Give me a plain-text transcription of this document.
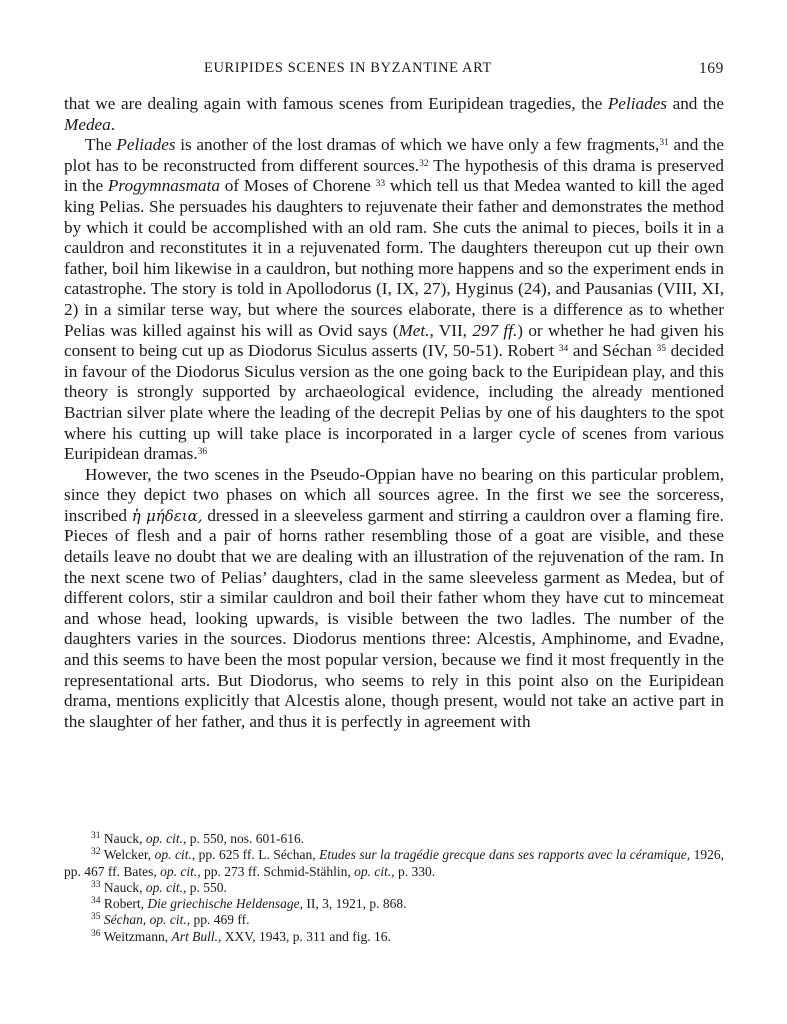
EURIPIDES SCENES IN BYZANTINE ART	169

that we are dealing again with famous scenes from Euripidean tragedies, the Peliades and the Medea.

The Peliades is another of the lost dramas of which we have only a few fragments,$^{31}$ and the plot has to be reconstructed from different sources.$^{32}$ The hypothesis of this drama is preserved in the Progymnasmata of Moses of Chorene $^{33}$ which tell us that Medea wanted to kill the aged king Pelias. She persuades his daughters to rejuvenate their father and demonstrates the method by which it could be accomplished with an old ram. She cuts the animal to pieces, boils it in a cauldron and reconstitutes it in a rejuvenated form. The daughters thereupon cut up their own father, boil him likewise in a cauldron, but nothing more happens and so the experiment ends in catastrophe. The story is told in Apollodorus (I, IX, 27), Hyginus (24), and Pausanias (VIII, XI, 2) in a similar terse way, but where the sources elaborate, there is a difference as to whether Pelias was killed against his will as Ovid says (Met., VII, 297 ff.) or whether he had given his consent to being cut up as Diodorus Siculus asserts (IV, 50-51). Robert $^{34}$ and Séchan $^{35}$ decided in favour of the Diodorus Siculus version as the one going back to the Euripidean play, and this theory is strongly supported by archaeological evidence, including the already mentioned Bactrian silver plate where the leading of the decrepit Pelias by one of his daughters to the spot where his cutting up will take place is incorporated in a larger cycle of scenes from various Euripidean dramas.$^{36}$

However, the two scenes in the Pseudo-Oppian have no bearing on this particular problem, since they depict two phases on which all sources agree. In the first we see the sorceress, inscribed ἡ μήδεια, dressed in a sleeveless garment and stirring a cauldron over a flaming fire. Pieces of flesh and a pair of horns rather resembling those of a goat are visible, and these details leave no doubt that we are dealing with an illustration of the rejuvenation of the ram. In the next scene two of Pelias’ daughters, clad in the same sleeveless garment as Medea, but of different colors, stir a similar cauldron and boil their father whom they have cut to mincemeat and whose head, looking upwards, is visible between the two ladles. The number of the daughters varies in the sources. Diodorus mentions three: Alcestis, Amphinome, and Evadne, and this seems to have been the most popular version, because we find it most frequently in the representational arts. But Diodorus, who seems to rely in this point also on the Euripidean drama, mentions explicitly that Alcestis alone, though present, would not take an active part in the slaughter of her father, and thus it is perfectly in agreement with

$^{31}$ Nauck, op. cit., p. 550, nos. 601-616.

$^{32}$ Welcker, op. cit., pp. 625 ff. L. Séchan, Etudes sur la tragédie grecque dans ses rapports avec la céramique, 1926, pp. 467 ff. Bates, op. cit., pp. 273 ff. Schmid-Stählin, op. cit., p. 330.

$^{33}$ Nauck, op. cit., p. 550.

$^{34}$ Robert, Die griechische Heldensage, II, 3, 1921, p. 868.

$^{35}$ Séchan, op. cit., pp. 469 ff.

$^{36}$ Weitzmann, Art Bull., XXV, 1943, p. 311 and fig. 16.
